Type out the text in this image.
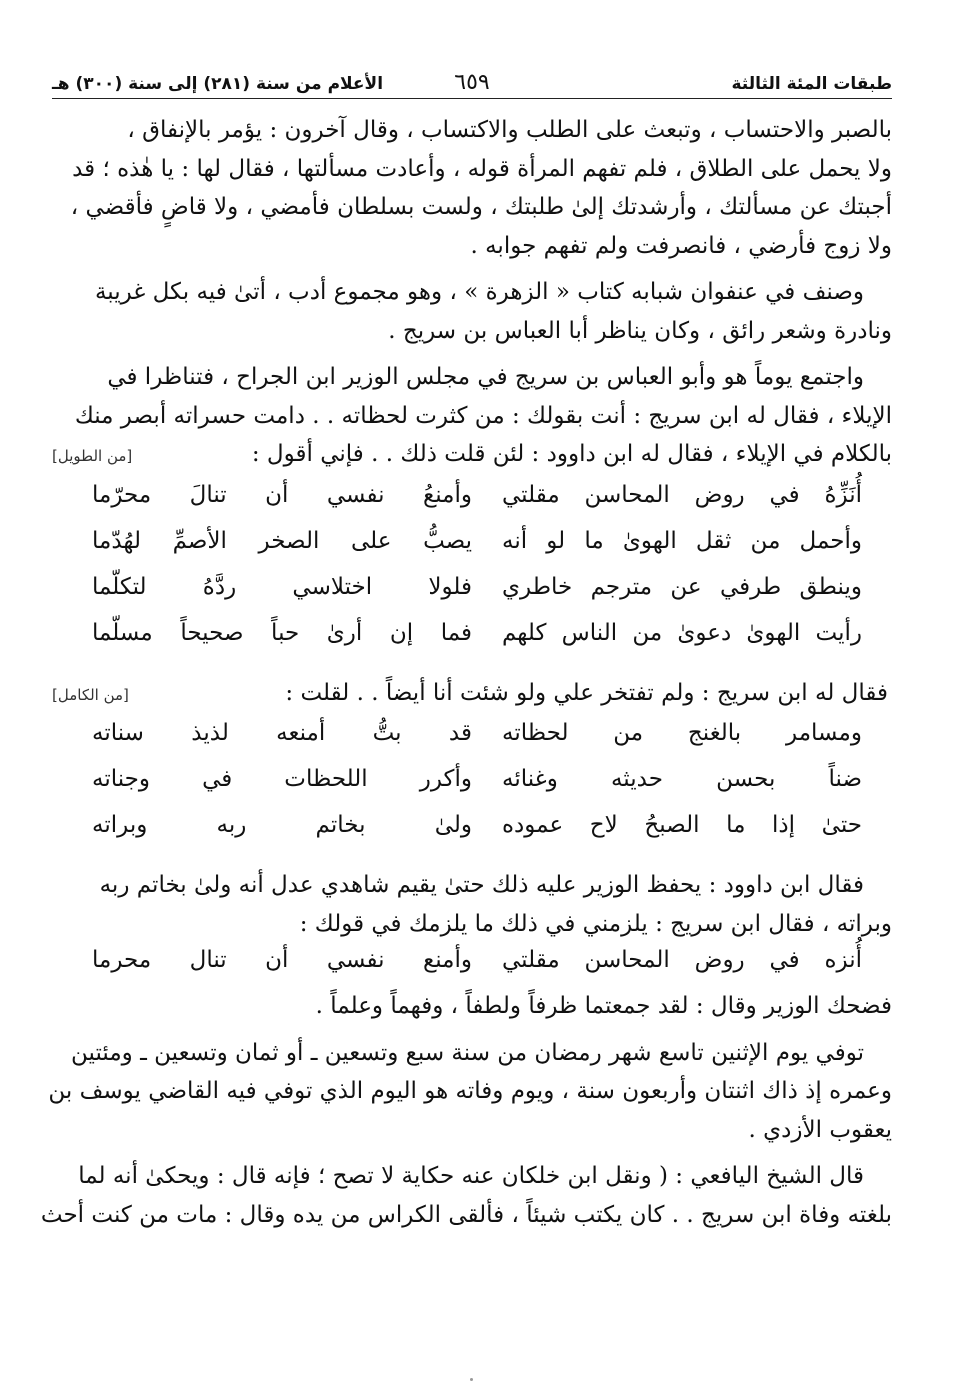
طبقات المئة الثالثة
٦٥٩
الأعلام من سنة (٢٨١) إلى سنة (٣٠٠) هـ
بالصبر والاحتساب ، وتبعث على الطلب والاكتساب ، وقال آخرون : يؤمر بالإنفاق ،
ولا يحمل على الطلاق ، فلم تفهم المرأة قوله ، وأعادت مسألتها ، فقال لها : يا هٰذه ؛ قد
أجبتك عن مسألتك ، وأرشدتك إلىٰ طلبتك ، ولست بسلطان فأمضي ، ولا قاضٍ فأقضي ،
ولا زوج فأرضي ، فانصرفت ولم تفهم جوابه .
وصنف في عنفوان شبابه كتاب « الزهرة » ، وهو مجموع أدب ، أتىٰ فيه بكل غريبة
ونادرة وشعر رائق ، وكان يناظر أبا العباس بن سريج .
واجتمع يوماً هو وأبو العباس بن سريج في مجلس الوزير ابن الجراح ، فتناظرا في
الإيلاء ، فقال له ابن سريج : أنت بقولك : من كثرت لحظاته . . دامت حسراته أبصر منك
بالكلام في الإيلاء ، فقال له ابن داوود : لئن قلت ذلك . . فإني أقول :
[من الطويل]
أُنَزِّهُ في روض المحاسن مقلتي
وأمنعُ نفسي أن تنالَ محرّما
وأحمل من ثقل الهوىٰ ما لو أنه
يصبُّ على الصخر الأصمِّ لهُدّما
وينطق طرفي عن مترجم خاطري
فلولا اختلاسي ردَّهُ لتكلّما
رأيت الهوىٰ دعوىٰ من الناس كلهم
فما إن أرىٰ حباً صحيحاً مسلّما
فقال له ابن سريج : ولم تفتخر علي ولو شئت أنا أيضاً . . لقلت :
[من الكامل]
ومسامر بالغنج من لحظاته
قد بتُّ أمنعه لذيذ سناته
ضناً بحسن حديثه وغنائه
وأكرر اللحظات في وجناته
حتىٰ إذا ما الصبحُ لاح عموده
ولىٰ بخاتم ربه وبراته
فقال ابن داوود : يحفظ الوزير عليه ذلك حتىٰ يقيم شاهدي عدل أنه ولىٰ بخاتم ربه
وبراته ، فقال ابن سريج : يلزمني في ذلك ما يلزمك في قولك :
أُنزه في روض المحاسن مقلتي
وأمنع نفسي أن تنال محرما
فضحك الوزير وقال : لقد جمعتما ظرفاً ولطفاً ، وفهماً وعلماً .
توفي يوم الإثنين تاسع شهر رمضان من سنة سبع وتسعين ـ أو ثمان وتسعين ـ ومئتين
وعمره إذ ذاك اثنتان وأربعون سنة ، ويوم وفاته هو اليوم الذي توفي فيه القاضي يوسف بن
يعقوب الأزدي .
قال الشيخ اليافعي : ( ونقل ابن خلكان عنه حكاية لا تصح ؛ فإنه قال : ويحكىٰ أنه لما
بلغته وفاة ابن سريج . . كان يكتب شيئاً ، فألقى الكراس من يده وقال : مات من كنت أحث
